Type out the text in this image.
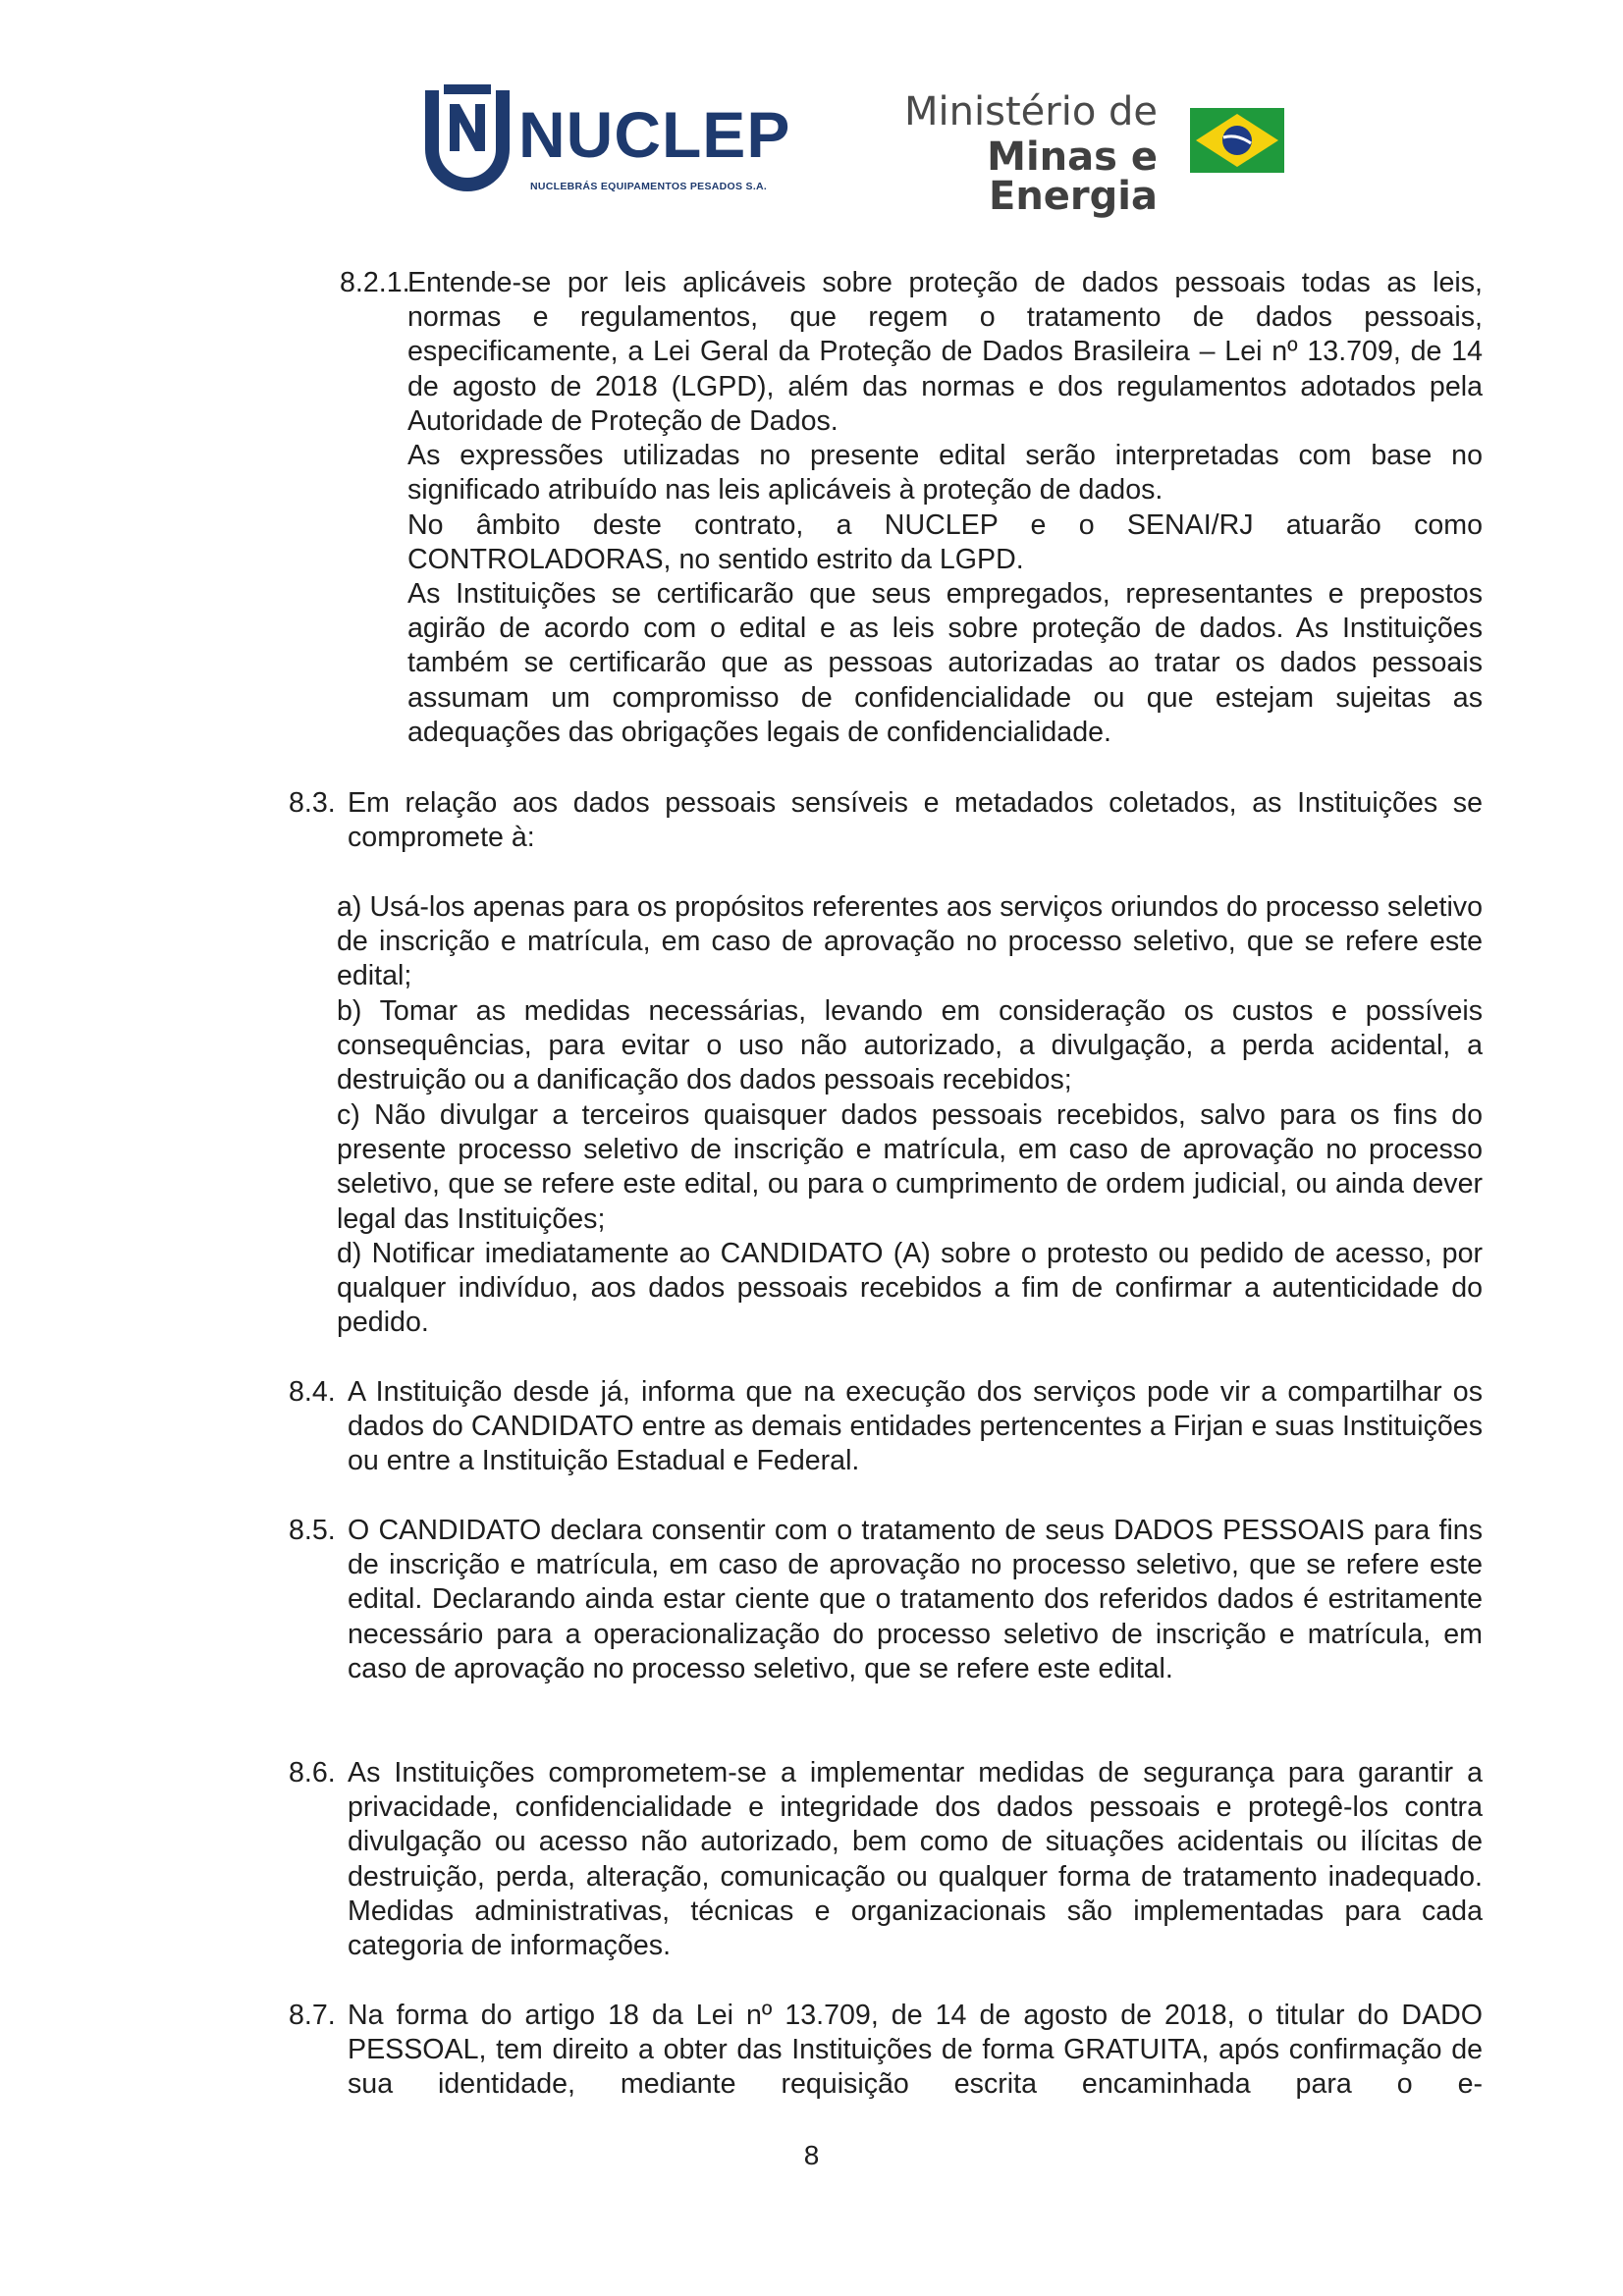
NUCLEP
NUCLEBRÁS EQUIPAMENTOS PESADOS S.A.
Ministério de
Minas e Energia
8.2.1.

Entende-se por leis aplicáveis sobre proteção de dados pessoais todas as leis, normas e regulamentos, que regem o tratamento de dados pessoais, especificamente, a Lei Geral da Proteção de Dados Brasileira – Lei nº 13.709, de 14 de agosto de 2018 (LGPD), além das normas e dos regulamentos adotados pela Autoridade de Proteção de Dados.

As expressões utilizadas no presente edital serão interpretadas com base no significado atribuído nas leis aplicáveis à proteção de dados.

No âmbito deste contrato, a NUCLEP e o SENAI/RJ atuarão como CONTROLADORAS, no sentido estrito da LGPD.

As Instituições se certificarão que seus empregados, representantes e prepostos agirão de acordo com o edital e as leis sobre proteção de dados. As Instituições também se certificarão que as pessoas autorizadas ao tratar os dados pessoais assumam um compromisso de confidencialidade ou que estejam sujeitas as adequações das obrigações legais de confidencialidade.

8.3. Em relação aos dados pessoais sensíveis e metadados coletados, as Instituições se compromete à:

a) Usá-los apenas para os propósitos referentes aos serviços oriundos do processo seletivo de inscrição e matrícula, em caso de aprovação no processo seletivo, que se refere este edital;

b) Tomar as medidas necessárias, levando em consideração os custos e possíveis consequências, para evitar o uso não autorizado, a divulgação, a perda acidental, a destruição ou a danificação dos dados pessoais recebidos;

c) Não divulgar a terceiros quaisquer dados pessoais recebidos, salvo para os fins do presente processo seletivo de inscrição e matrícula, em caso de aprovação no processo seletivo, que se refere este edital, ou para o cumprimento de ordem judicial, ou ainda dever legal das Instituições;

d) Notificar imediatamente ao CANDIDATO (A) sobre o protesto ou pedido de acesso, por qualquer indivíduo, aos dados pessoais recebidos a fim de confirmar a autenticidade do pedido.

8.4. A Instituição desde já, informa que na execução dos serviços pode vir a compartilhar os dados do CANDIDATO entre as demais entidades pertencentes a Firjan e suas Instituições ou entre a Instituição Estadual e Federal.

8.5. O CANDIDATO declara consentir com o tratamento de seus DADOS PESSOAIS para fins de inscrição e matrícula, em caso de aprovação no processo seletivo, que se refere este edital. Declarando ainda estar ciente que o tratamento dos referidos dados é estritamente necessário para a operacionalização do processo seletivo de inscrição e matrícula, em caso de aprovação no processo seletivo, que se refere este edital.

8.6. As Instituições comprometem-se a implementar medidas de segurança para garantir a privacidade, confidencialidade e integridade dos dados pessoais e protegê-los contra divulgação ou acesso não autorizado, bem como de situações acidentais ou ilícitas de destruição, perda, alteração, comunicação ou qualquer forma de tratamento inadequado. Medidas administrativas, técnicas e organizacionais são implementadas para cada categoria de informações.

8.7. Na forma do artigo 18 da Lei nº 13.709, de 14 de agosto de 2018, o titular do DADO PESSOAL, tem direito a obter das Instituições de forma GRATUITA, após confirmação de sua identidade, mediante requisição escrita encaminhada para o e-

8
